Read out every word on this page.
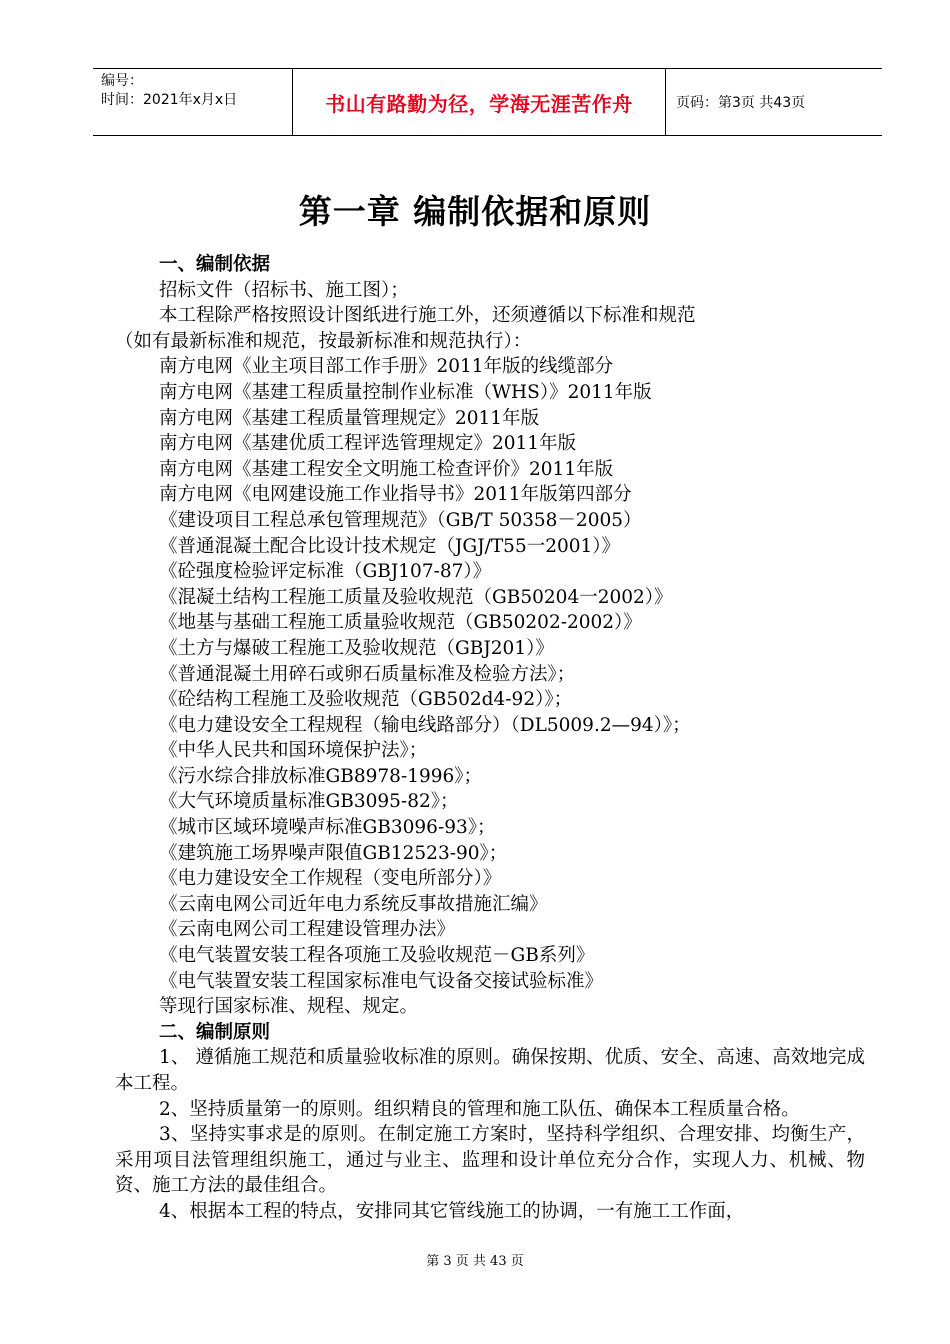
编号：
时间：2021年x月x日	书山有路勤为径，学海无涯苦作舟	页码：第3页 共43页
第一章 编制依据和原则
一、编制依据
招标文件（招标书、施工图）；
本工程除严格按照设计图纸进行施工外，还须遵循以下标准和规范
（如有最新标准和规范，按最新标准和规范执行）：
南方电网《业主项目部工作手册》2011年版的线缆部分
南方电网《基建工程质量控制作业标准（WHS）》2011年版
南方电网《基建工程质量管理规定》2011年版
南方电网《基建优质工程评选管理规定》2011年版
南方电网《基建工程安全文明施工检查评价》2011年版
南方电网《电网建设施工作业指导书》2011年版第四部分
《建设项目工程总承包管理规范》（GB/T 50358－2005）
《普通混凝土配合比设计技术规定（JGJ/T55一2001）》
《砼强度检验评定标准（GBJ107-87）》
《混凝土结构工程施工质量及验收规范（GB50204一2002）》
《地基与基础工程施工质量验收规范（GB50202-2002）》
《土方与爆破工程施工及验收规范（GBJ201）》
《普通混凝土用碎石或卵石质量标准及检验方法》；
《砼结构工程施工及验收规范（GB502d4-92）》；
《电力建设安全工程规程（输电线路部分）（DL5009.2—94）》；
《中华人民共和国环境保护法》；
《污水综合排放标准GB8978-1996》；
《大气环境质量标准GB3095-82》；
《城市区域环境噪声标准GB3096-93》；
《建筑施工场界噪声限值GB12523-90》；
《电力建设安全工作规程（变电所部分）》
《云南电网公司近年电力系统反事故措施汇编》
《云南电网公司工程建设管理办法》
《电气装置安装工程各项施工及验收规范－GB系列》
《电气装置安装工程国家标准电气设备交接试验标准》
等现行国家标准、规程、规定。
二、编制原则
1、 遵循施工规范和质量验收标准的原则。确保按期、优质、安全、高速、高效地完成本工程。
2、坚持质量第一的原则。组织精良的管理和施工队伍、确保本工程质量合格。
3、坚持实事求是的原则。在制定施工方案时，坚持科学组织、合理安排、均衡生产，采用项目法管理组织施工，通过与业主、监理和设计单位充分合作，实现人力、机械、物资、施工方法的最佳组合。
4、根据本工程的特点，安排同其它管线施工的协调，一有施工工作面，
第 3 页 共 43 页
